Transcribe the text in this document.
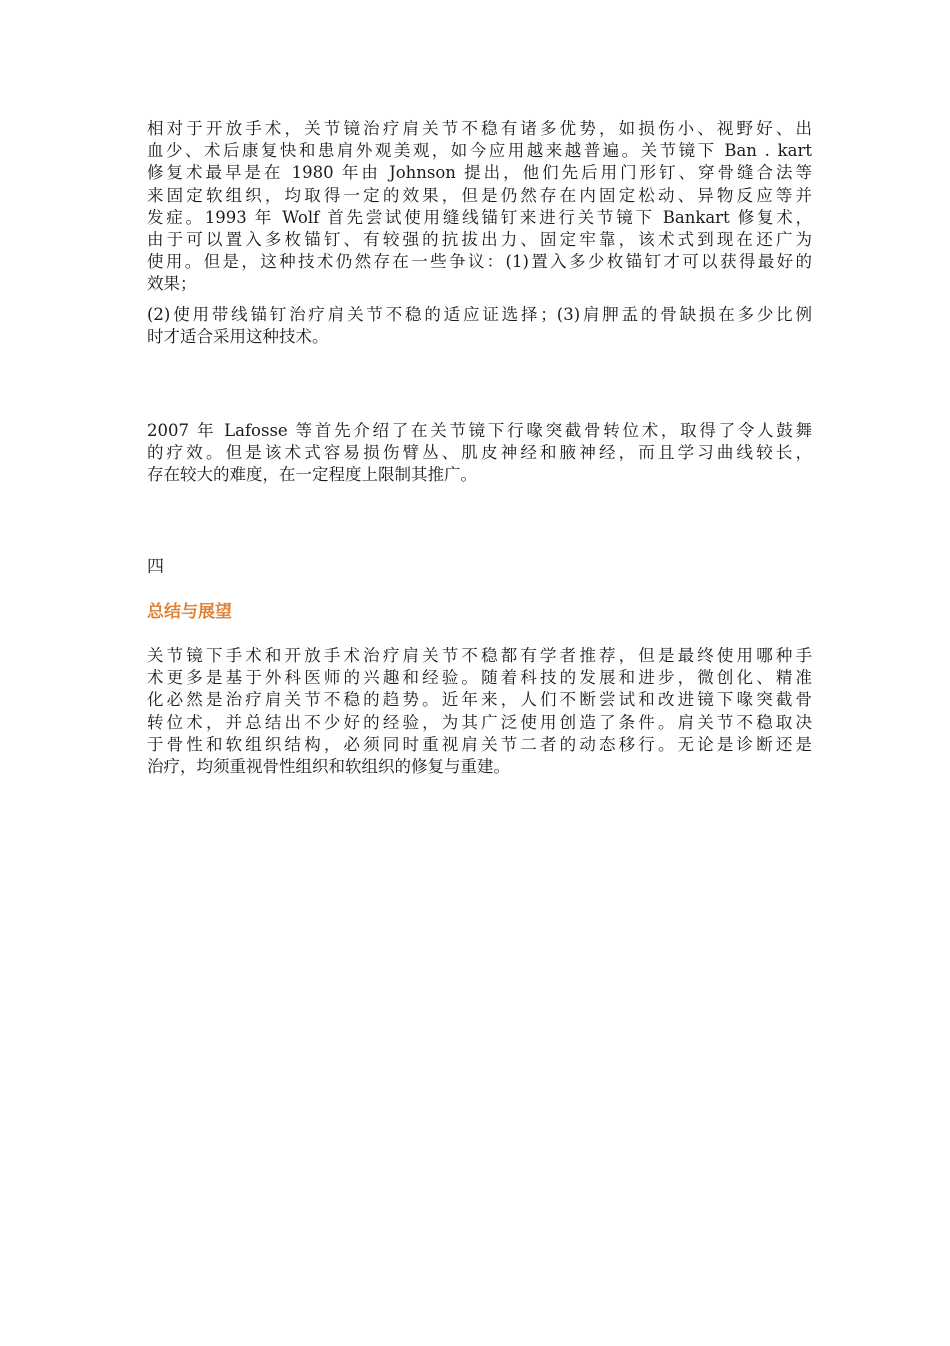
相对于开放手术，关节镜治疗肩关节不稳有诸多优势，如损伤小、视野好、出
血少、术后康复快和患肩外观美观，如今应用越来越普遍。关节镜下 Ban . kart
修复术最早是在 1980 年由 Johnson 提出，他们先后用门形钉、穿骨缝合法等
来固定软组织，均取得一定的效果，但是仍然存在内固定松动、异物反应等并
发症。1993 年 Wolf 首先尝试使用缝线锚钉来进行关节镜下 Bankart 修复术，
由于可以置入多枚锚钉、有较强的抗拔出力、固定牢靠，该术式到现在还广为
使用。但是，这种技术仍然存在一些争议：(1)置入多少枚锚钉才可以获得最好的
效果；
(2)使用带线锚钉治疗肩关节不稳的适应证选择；(3)肩胛盂的骨缺损在多少比例
时才适合采用这种技术。
2007 年 Lafosse 等首先介绍了在关节镜下行喙突截骨转位术，取得了令人鼓舞
的疗效。但是该术式容易损伤臂丛、肌皮神经和腋神经，而且学习曲线较长，
存在较大的难度，在一定程度上限制其推广。

四

总结与展望

关节镜下手术和开放手术治疗肩关节不稳都有学者推荐，但是最终使用哪种手
术更多是基于外科医师的兴趣和经验。随着科技的发展和进步，微创化、精准
化必然是治疗肩关节不稳的趋势。近年来，人们不断尝试和改进镜下喙突截骨
转位术，并总结出不少好的经验，为其广泛使用创造了条件。肩关节不稳取决
于骨性和软组织结构，必须同时重视肩关节二者的动态移行。无论是诊断还是
治疗，均须重视骨性组织和软组织的修复与重建。
